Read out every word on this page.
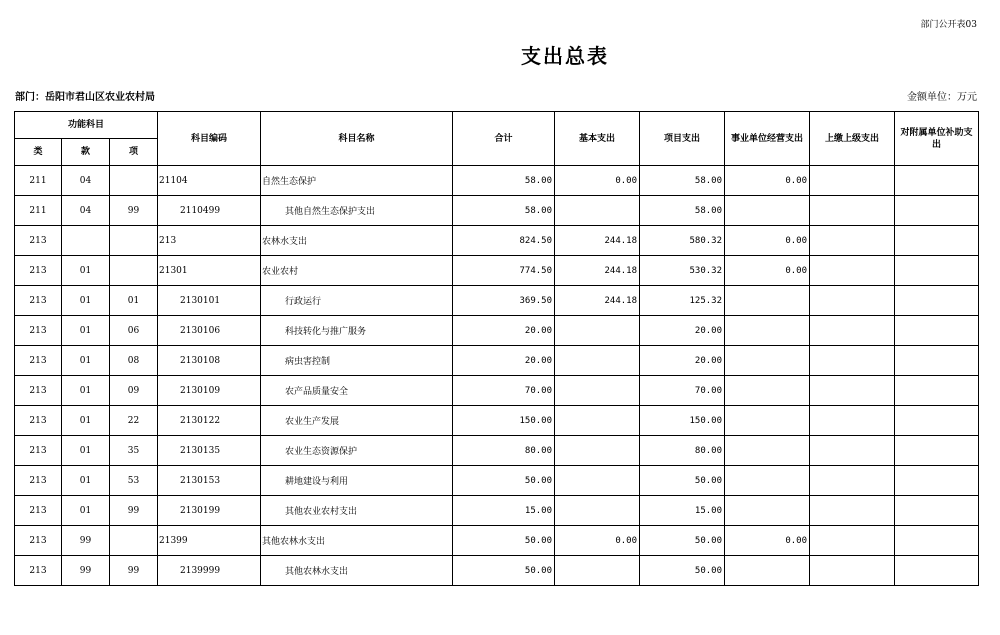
部门公开表03
支出总表
部门：岳阳市君山区农业农村局	金额单位：万元
功能科目			科目编码	科目名称	合计	基本支出	项目支出	事业单位经营支出	上缴上级支出	对附属单位补助支出
类	款	项								
211	04		21104	自然生态保护	58.00	0.00	58.00	0.00		
211	04	99	2110499	其他自然生态保护支出	58.00		58.00			
213			213	农林水支出	824.50	244.18	580.32	0.00		
213	01		21301	农业农村	774.50	244.18	530.32	0.00		
213	01	01	2130101	行政运行	369.50	244.18	125.32			
213	01	06	2130106	科技转化与推广服务	20.00		20.00			
213	01	08	2130108	病虫害控制	20.00		20.00			
213	01	09	2130109	农产品质量安全	70.00		70.00			
213	01	22	2130122	农业生产发展	150.00		150.00			
213	01	35	2130135	农业生态资源保护	80.00		80.00			
213	01	53	2130153	耕地建设与利用	50.00		50.00			
213	01	99	2130199	其他农业农村支出	15.00		15.00			
213	99		21399	其他农林水支出	50.00	0.00	50.00	0.00		
213	99	99	2139999	其他农林水支出	50.00		50.00			
